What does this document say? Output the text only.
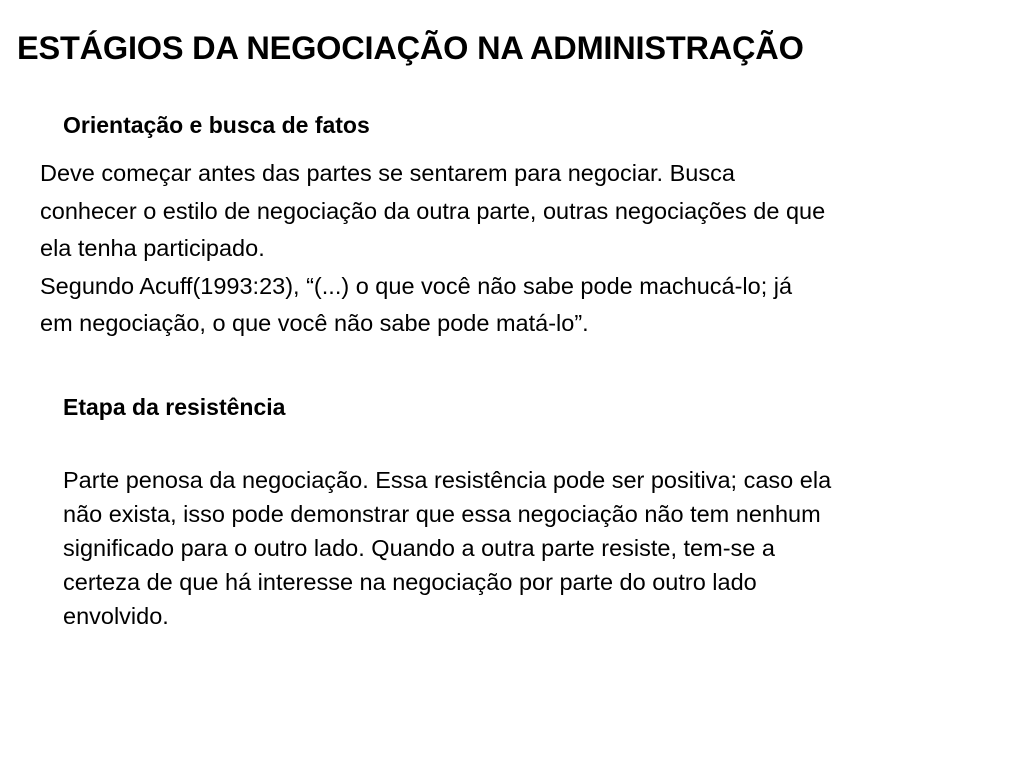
ESTÁGIOS DA NEGOCIAÇÃO NA ADMINISTRAÇÃO
Orientação e busca de fatos
Deve começar antes das partes se sentarem para negociar. Busca
conhecer o estilo de negociação da outra parte, outras negociações de que
ela tenha participado.
Segundo Acuff(1993:23), “(...) o que você não sabe pode machucá-lo; já
em negociação, o que você não sabe pode matá-lo”.
Etapa da resistência
Parte penosa da negociação. Essa resistência pode ser positiva; caso ela
não exista, isso pode demonstrar que essa negociação não tem nenhum
significado para o outro lado. Quando a outra parte resiste, tem-se a
certeza de que há interesse na negociação por parte do outro lado
envolvido.
